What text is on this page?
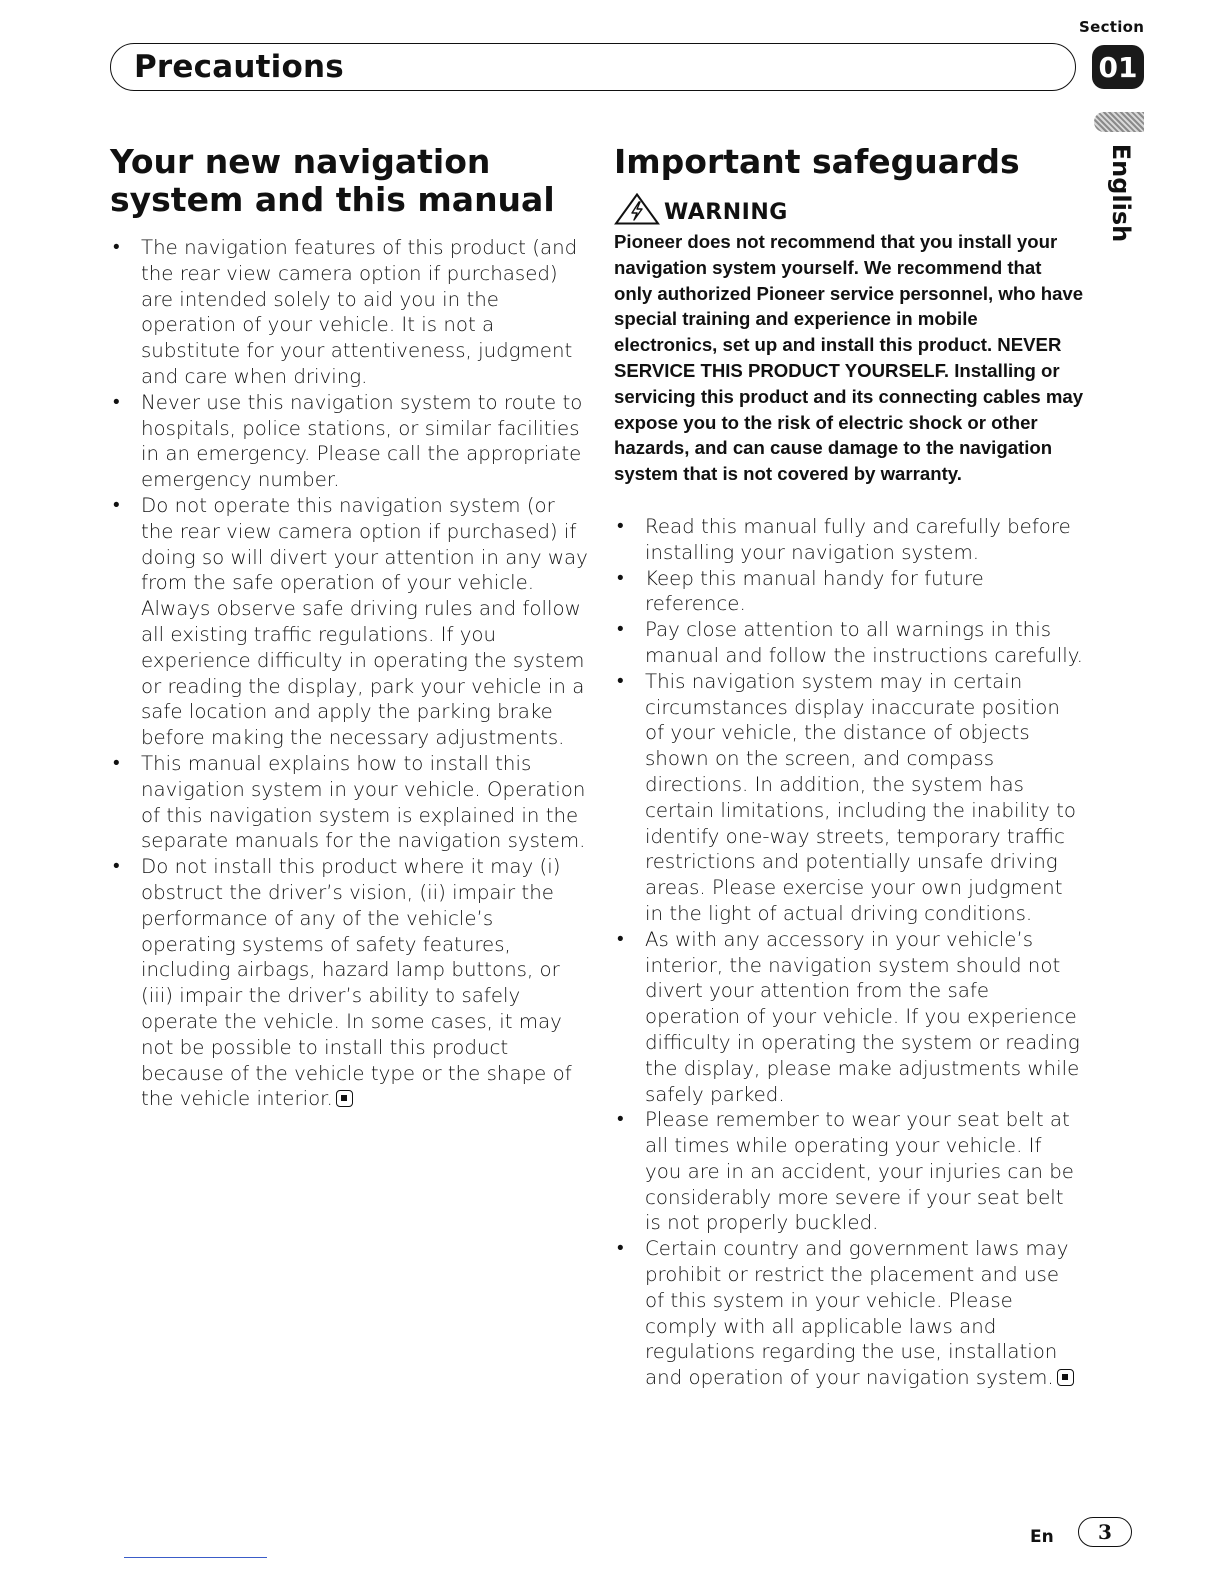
Section
Precautions	01
English
Your new navigation system and this manual
• The navigation features of this product (and the rear view camera option if purchased) are intended solely to aid you in the operation of your vehicle. It is not a substitute for your attentiveness, judgment and care when driving.
• Never use this navigation system to route to hospitals, police stations, or similar facilities in an emergency. Please call the appropriate emergency number.
• Do not operate this navigation system (or the rear view camera option if purchased) if doing so will divert your attention in any way from the safe operation of your vehicle. Always observe safe driving rules and follow all existing traffic regulations. If you experience difficulty in operating the system or reading the display, park your vehicle in a safe location and apply the parking brake before making the necessary adjustments.
• This manual explains how to install this navigation system in your vehicle. Operation of this navigation system is explained in the separate manuals for the navigation system.
• Do not install this product where it may (i) obstruct the driver’s vision, (ii) impair the performance of any of the vehicle’s operating systems of safety features, including airbags, hazard lamp buttons, or (iii) impair the driver’s ability to safely operate the vehicle. In some cases, it may not be possible to install this product because of the vehicle type or the shape of the vehicle interior.
Important safeguards
WARNING

Pioneer does not recommend that you install your navigation system yourself. We recommend that only authorized Pioneer service personnel, who have special training and experience in mobile electronics, set up and install this product. NEVER SERVICE THIS PRODUCT YOURSELF. Installing or servicing this product and its connecting cables may expose you to the risk of electric shock or other hazards, and can cause damage to the navigation system that is not covered by warranty.

• Read this manual fully and carefully before installing your navigation system.
• Keep this manual handy for future reference.
• Pay close attention to all warnings in this manual and follow the instructions carefully.
• This navigation system may in certain circumstances display inaccurate position of your vehicle, the distance of objects shown on the screen, and compass directions. In addition, the system has certain limitations, including the inability to identify one-way streets, temporary traffic restrictions and potentially unsafe driving areas. Please exercise your own judgment in the light of actual driving conditions.
• As with any accessory in your vehicle’s interior, the navigation system should not divert your attention from the safe operation of your vehicle. If you experience difficulty in operating the system or reading the display, please make adjustments while safely parked.
• Please remember to wear your seat belt at all times while operating your vehicle. If you are in an accident, your injuries can be considerably more severe if your seat belt is not properly buckled.
• Certain country and government laws may prohibit or restrict the placement and use of this system in your vehicle. Please comply with all applicable laws and regulations regarding the use, installation and operation of your navigation system.
En	3
